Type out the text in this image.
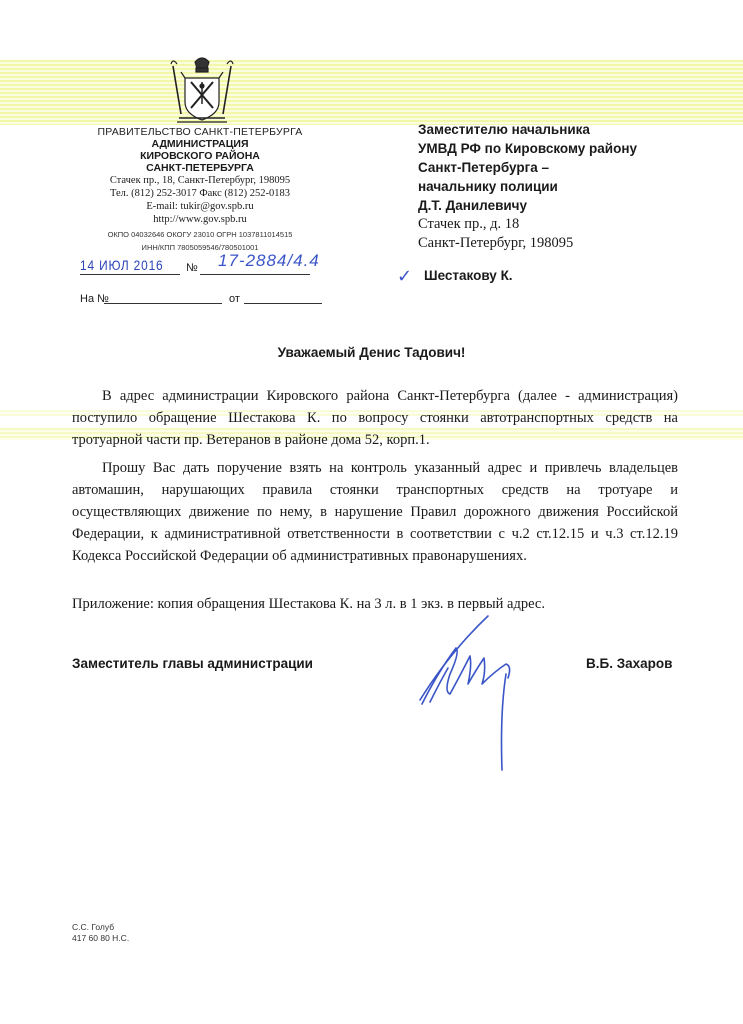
ПРАВИТЕЛЬСТВО САНКТ-ПЕТЕРБУРГА
АДМИНИСТРАЦИЯ
КИРОВСКОГО РАЙОНА
САНКТ-ПЕТЕРБУРГА
Стачек пр., 18, Санкт-Петербург, 198095
Тел. (812) 252-3017 Факс (812) 252-0183
E-mail: tukir@gov.spb.ru
http://www.gov.spb.ru
ОКПО 04032646 ОКОГУ 23010 ОГРН 1037811014515
ИНН/КПП 7805059546/780501001
14 ИЮЛ 2016 № 17-2884/4.4
На №	от
Заместителю начальника
УМВД РФ по Кировскому району
Санкт-Петербурга –
начальнику полиции
Д.Т. Данилевичу
Стачек пр., д. 18
Санкт-Петербург, 198095
✓ Шестакову К.
Уважаемый Денис Тадович!

В адрес администрации Кировского района Санкт-Петербурга (далее - администрация) поступило обращение Шестакова К. по вопросу стоянки автотранспортных средств на тротуарной части пр. Ветеранов в районе дома 52, корп.1.

Прошу Вас дать поручение взять на контроль указанный адрес и привлечь владельцев автомашин, нарушающих правила стоянки транспортных средств на тротуаре и осуществляющих движение по нему, в нарушение Правил дорожного движения Российской Федерации, к административной ответственности в соответствии с ч.2 ст.12.15 и ч.3 ст.12.19 Кодекса Российской Федерации об административных правонарушениях.

Приложение: копия обращения Шестакова К. на 3 л. в 1 экз. в первый адрес.
Заместитель главы администрации	В.Б. Захаров
С.С. Голуб
417 60 80 Н.С.
